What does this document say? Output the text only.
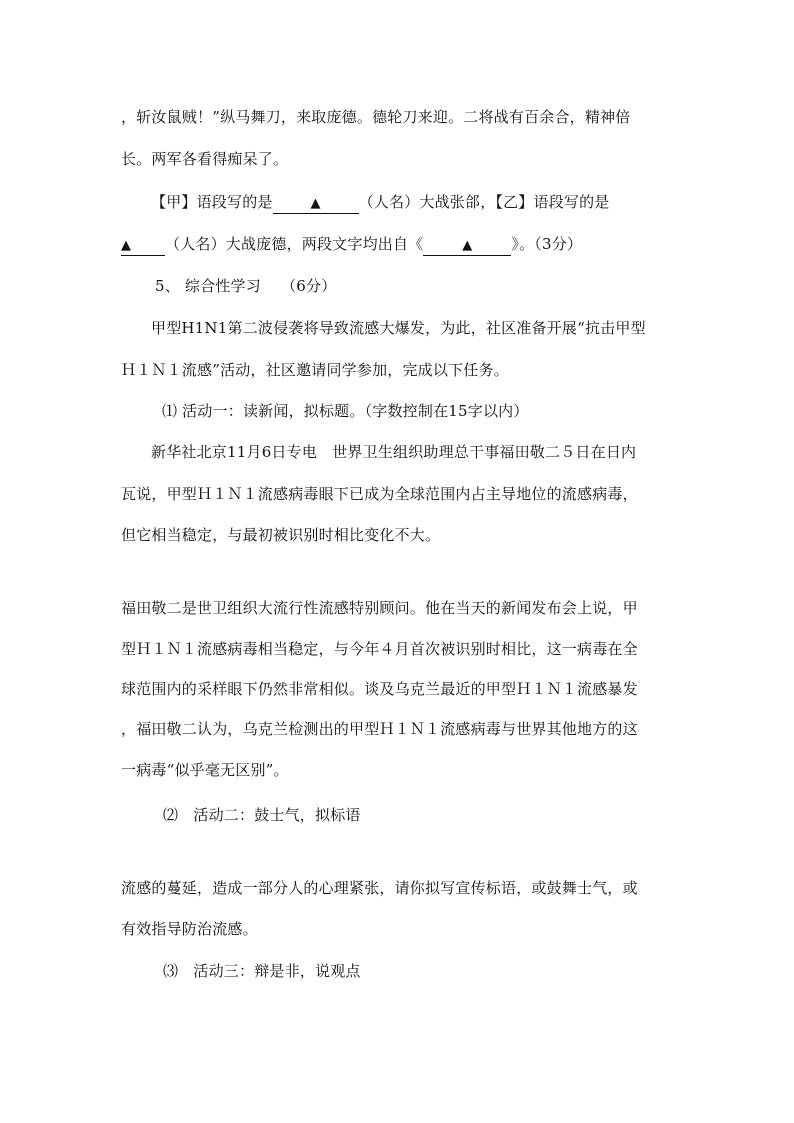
，斩汝鼠贼！”纵马舞刀，来取庞德。德轮刀来迎。二将战有百余合，精神倍
长。两军各看得痴呆了。
【甲】语段写的是	▲	（人名）大战张郃，【乙】语段写的是
▲ （人名）大战庞德，两段文字均出自《	▲	》。（3分）
5、 综合性学习　 （6分）
甲型H1N1第二波侵袭将导致流感大爆发，为此，社区准备开展“抗击甲型
Ｈ１Ｎ１流感”活动，社区邀请同学参加，完成以下任务。
⑴ 活动一：读新闻，拟标题。（字数控制在15字以内）
新华社北京11月6日专电　世界卫生组织助理总干事福田敬二５日在日内
瓦说，甲型Ｈ１Ｎ１流感病毒眼下已成为全球范围内占主导地位的流感病毒，
但它相当稳定，与最初被识别时相比变化不大。
福田敬二是世卫组织大流行性流感特别顾问。他在当天的新闻发布会上说，甲
型Ｈ１Ｎ１流感病毒相当稳定，与今年４月首次被识别时相比，这一病毒在全
球范围内的采样眼下仍然非常相似。谈及乌克兰最近的甲型Ｈ１Ｎ１流感暴发
，福田敬二认为，乌克兰检测出的甲型Ｈ１Ｎ１流感病毒与世界其他地方的这
一病毒“似乎毫无区别”。
⑵　活动二：鼓士气，拟标语
流感的蔓延，造成一部分人的心理紧张，请你拟写宣传标语，或鼓舞士气，或
有效指导防治流感。
⑶　活动三：辩是非，说观点
